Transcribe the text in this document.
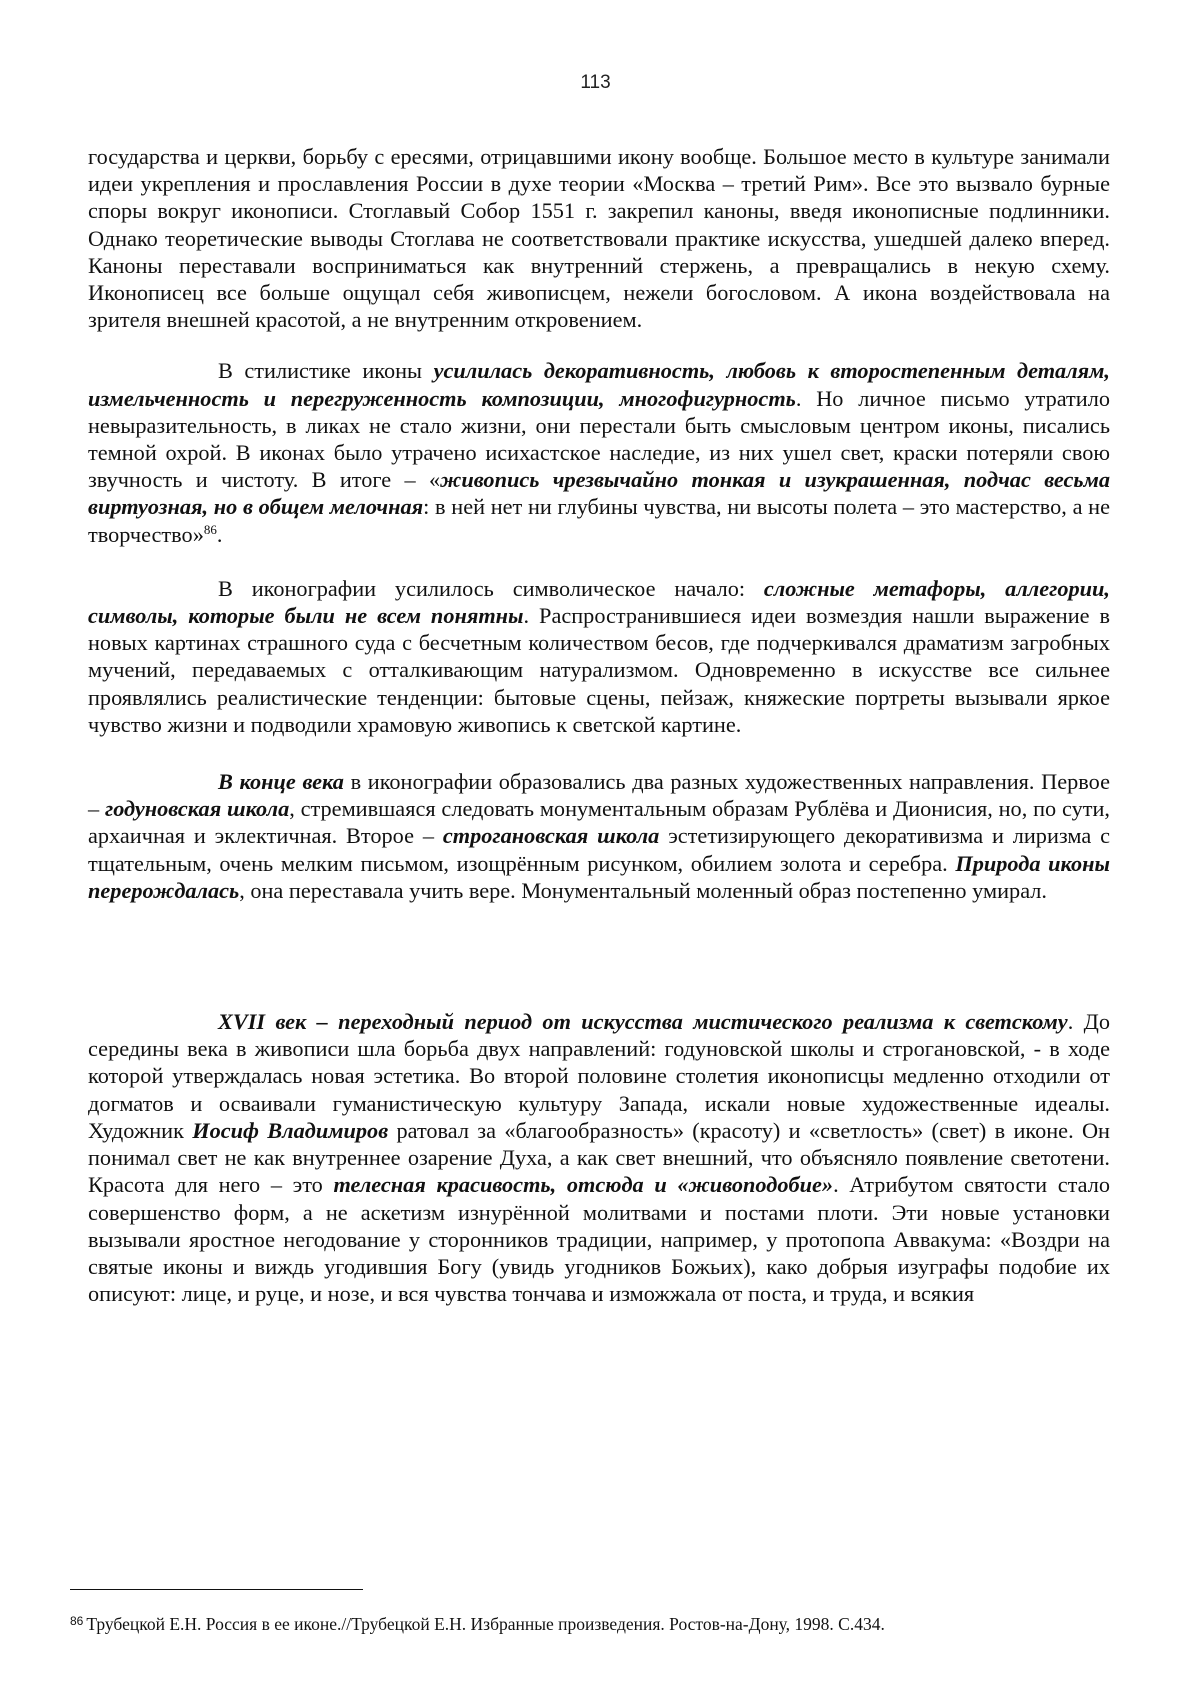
113

государства и церкви, борьбу с ересями, отрицавшими икону вообще. Большое место в культуре занимали идеи укрепления и прославления России в духе теории «Москва – третий Рим». Все это вызвало бурные споры вокруг иконописи. Стоглавый Собор 1551 г. закрепил каноны, введя иконописные подлинники. Однако теоретические выводы Стоглава не соответствовали практике искусства, ушедшей далеко вперед. Каноны переставали восприниматься как внутренний стержень, а превращались в некую схему. Иконописец все больше ощущал себя живописцем, нежели богословом. А икона воздействовала на зрителя внешней красотой, а не внутренним откровением.

В стилистике иконы усилилась декоративность, любовь к второстепенным деталям, измельченность и перегруженность композиции, многофигурность. Но личное письмо утратило невыразительность, в ликах не стало жизни, они перестали быть смысловым центром иконы, писались темной охрой. В иконах было утрачено исихастское наследие, из них ушел свет, краски потеряли свою звучность и чистоту. В итоге – «живопись чрезвычайно тонкая и изукрашенная, подчас весьма виртуозная, но в общем мелочная: в ней нет ни глубины чувства, ни высоты полета – это мастерство, а не творчество»$^{86}$.

В иконографии усилилось символическое начало: сложные метафоры, аллегории, символы, которые были не всем понятны. Распространившиеся идеи возмездия нашли выражение в новых картинах страшного суда с бесчетным количеством бесов, где подчеркивался драматизм загробных мучений, передаваемых с отталкивающим натурализмом. Одновременно в искусстве все сильнее проявлялись реалистические тенденции: бытовые сцены, пейзаж, княжеские портреты вызывали яркое чувство жизни и подводили храмовую живопись к светской картине.

В конце века в иконографии образовались два разных художественных направления. Первое – годуновская школа, стремившаяся следовать монументальным образам Рублёва и Дионисия, но, по сути, архаичная и эклектичная. Второе – строгановская школа эстетизирующего декоративизма и лиризма с тщательным, очень мелким письмом, изощрённым рисунком, обилием золота и серебра. Природа иконы перерождалась, она переставала учить вере. Монументальный моленный образ постепенно умирал.

XVII век – переходный период от искусства мистического реализма к светскому. До середины века в живописи шла борьба двух направлений: годуновской школы и строгановской, - в ходе которой утверждалась новая эстетика. Во второй половине столетия иконописцы медленно отходили от догматов и осваивали гуманистическую культуру Запада, искали новые художественные идеалы. Художник Иосиф Владимиров ратовал за «благообразность» (красоту) и «светлость» (свет) в иконе. Он понимал свет не как внутреннее озарение Духа, а как свет внешний, что объясняло появление светотени. Красота для него – это телесная красивость, отсюда и «живоподобие». Атрибутом святости стало совершенство форм, а не аскетизм изнурённой молитвами и постами плоти. Эти новые установки вызывали яростное негодование у сторонников традиции, например, у протопопа Аввакума: «Воздри на святые иконы и виждь угодившия Богу (увидь угодников Божьих), како добрыя изуграфы подобие их описуют: лице, и руце, и нозе, и вся чувства тончава и изможжала от поста, и труда, и всякия

$^{86}$ Трубецкой Е.Н. Россия в ее иконе.//Трубецкой Е.Н. Избранные произведения. Ростов-на-Дону, 1998. С.434.
